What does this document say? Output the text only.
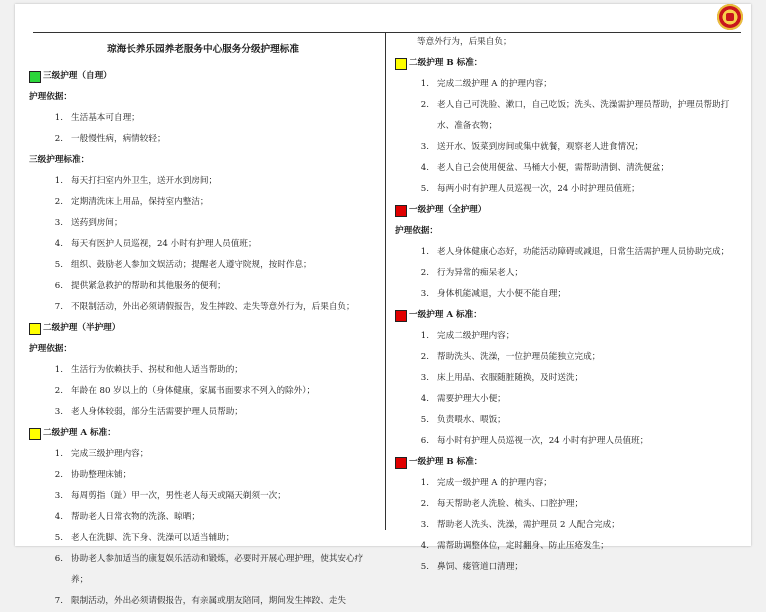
琼海长养乐园养老服务中心服务分级护理标准
三级护理（自理）
护理依据：
1. 生活基本可自理；
2. 一般慢性病，病情较轻；
三级护理标准：
1. 每天打扫室内外卫生，送开水到房间；
2. 定期清洗床上用品，保持室内整洁；
3. 送药到房间；
4. 每天有医护人员巡视，24 小时有护理人员值班；
5. 组织、鼓励老人参加文娱活动；提醒老人遵守院规，按时作息；
6. 提供紧急救护的帮助和其他服务的便利；
7. 不限制活动，外出必须请假报告，发生摔跤、走失等意外行为，后果自负；
二级护理（半护理）
护理依据：
1. 生活行为依赖扶手、拐杖和他人适当帮助的；
2. 年龄在 80 岁以上的（身体健康，家属书面要求不列入的除外）；
3. 老人身体较弱，部分生活需要护理人员帮助；
二级护理 A 标准：
1. 完成三级护理内容；
2. 协助整理床铺；
3. 每周剪指（趾）甲一次，男性老人每天或隔天剃须一次；
4. 帮助老人日常衣物的洗涤、晾晒；
5. 老人在洗脚、洗下身、洗澡可以适当辅助；
6. 协助老人参加适当的康复娱乐活动和锻炼，必要时开展心理护理，使其安心疗养；
7. 限制活动，外出必须请假报告，有亲属或朋友陪同，期间发生摔跤、走失
等意外行为，后果自负；
二级护理 B 标准：
1. 完成二级护理 A 的护理内容；
2. 老人自己可洗脸、漱口，自己吃饭；洗头、洗澡需护理员帮助，护理员帮助打水、准备衣物；
3. 送开水、饭菜到房间或集中就餐，观察老人进食情况；
4. 老人自己会使用便盆、马桶大小便，需帮助清倒、清洗便盆；
5. 每两小时有护理人员巡视一次，24 小时护理员值班；
一级护理（全护理）
护理依据：
1. 老人身体健康心态好，功能活动障碍或减退，日常生活需护理人员协助完成；
2. 行为异常的痴呆老人；
3. 身体机能减退，大小便不能自理；
一级护理 A 标准：
1. 完成二级护理内容；
2. 帮助洗头、洗澡，一位护理员能独立完成；
3. 床上用品、衣服随脏随换，及时送洗；
4. 需要护理大小便；
5. 负责喂水、喂饭；
6. 每小时有护理人员巡视一次，24 小时有护理人员值班；
一级护理 B 标准：
1. 完成一级护理 A 的护理内容；
2. 每天帮助老人洗脸、梳头、口腔护理；
3. 帮助老人洗头、洗澡，需护理员 2 人配合完成；
4. 需帮助调整体位，定时翻身、防止压疮发生；
5. 鼻饲、瘘管道口清理；
